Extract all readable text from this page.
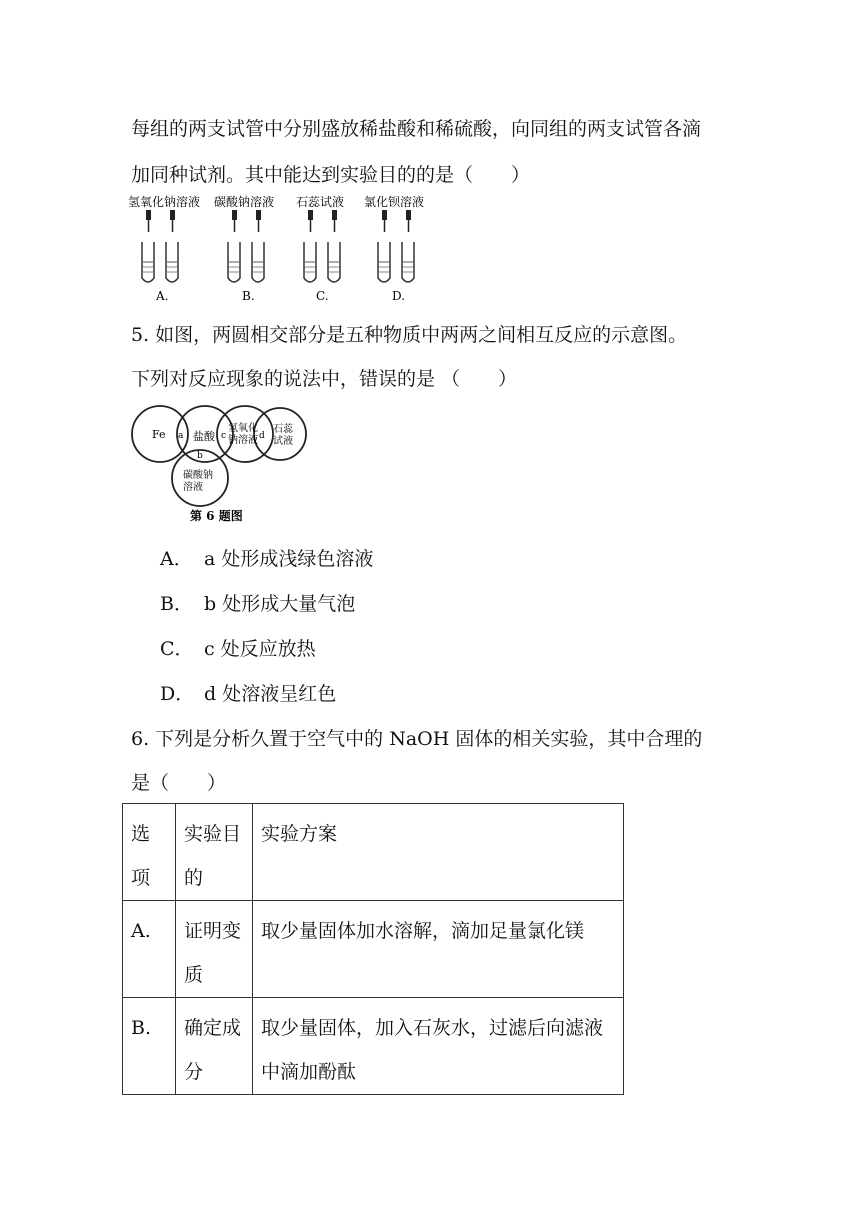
每组的两支试管中分别盛放稀盐酸和稀硫酸，向同组的两支试管各滴
加同种试剂。其中能达到实验目的的是（　　）
氢氧化钠溶液
A.
碳酸钠溶液
B.
石蕊试液
C.
氯化钡溶液
D.
5. 如图，两圆相交部分是五种物质中两两之间相互反应的示意图。
下列对反应现象的说法中，错误的是 （　　）
Fe 盐酸
氢氧化
钠溶液
石蕊
试液
碳酸钠
溶液
a
b
c	d
第 6 题图
A． a 处形成浅绿色溶液
B． b 处形成大量气泡
C． c 处反应放热
D． d 处溶液呈红色
6. 下列是分析久置于空气中的 NaOH 固体的相关实验，其中合理的
是（　　）
选项	实验目的	实验方案
A.	证明变质	取少量固体加水溶解，滴加足量氯化镁
B.	确定成分	取少量固体，加入石灰水，过滤后向滤液中滴加酚酞
